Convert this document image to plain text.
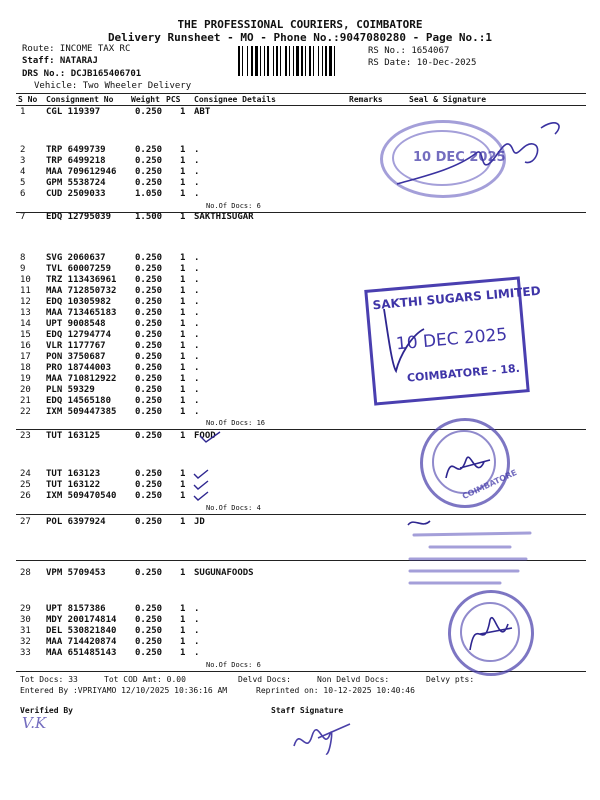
THE PROFESSIONAL COURIERS, COIMBATORE
Delivery Runsheet - MO - Phone No.:9047080280 - Page No.:1
Route: INCOME TAX RC
Staff: NATARAJ
DRS No.: DCJB165406701
Vehicle: Two Wheeler Delivery
RS No.: 1654067
RS Date: 10-Dec-2025
S No Consignment No Weight PCS Consignee Details	Remarks	Seal & Signature
1 CGL 119397	0.250 1 ABT
2 TRP 6499739	0.250 1 .
3 TRP 6499218	0.250 1 .
4 MAA 709612946 0.250 1 .
5 GPM 5538724	0.250 1 .
6 CUD 2509033	1.050 1 .
7 EDQ 12795039	1.500 1 SAKTHISUGAR
8 SVG 2060637	0.250 1 .
9 TVL 60007259	0.250 1 .
10 TRZ 113436961 0.250 1 .
11 MAA 712850732 0.250 1 .
12 EDQ 10305982	0.250 1 .
13 MAA 713465183 0.250 1 .
14 UPT 9008548	0.250 1 .
15 EDQ 12794774	0.250 1 .
16 VLR 1177767	0.250 1 .
17 PON 3750687	0.250 1 .
18 PRO 18744003	0.250 1 .
19 MAA 710812922 0.250 1 .
20 PLN 59329	0.250 1 .
21 EDQ 14565180	0.250 1 .
22 IXM 509447385 0.250 1 .
23 TUT 163125	0.250 1 FOOD
24 TUT 163123	0.250 1
25 TUT 163122	0.250 1
26 IXM 509470540 0.250 1
27 POL 6397924	0.250 1 JD
28 VPM 5709453	0.250 1 SUGUNAFOODS
29 UPT 8157386	0.250 1 .
30 MDY 200174814 0.250 1 .
31 DEL 530821840 0.250 1 .
32 MAA 714420874 0.250 1 .
33 MAA 651485143 0.250 1 .
No.Of Docs: 6
No.Of Docs: 16
No.Of Docs: 4
No.Of Docs: 6
Tot Docs: 33	Tot COD Amt: 0.00	Delvd Docs:	Non Delvd Docs:	Delvy pts:
Entered By :VPRIYAMO 12/10/2025 10:36:16 AM	Reprinted on: 10-12-2025 10:40:46
Verified By	Staff Signature
V.K
10 DEC 2025
SAKTHI SUGARS LIMITED
10 DEC 2025
COIMBATORE - 18.
COIMBATORE
